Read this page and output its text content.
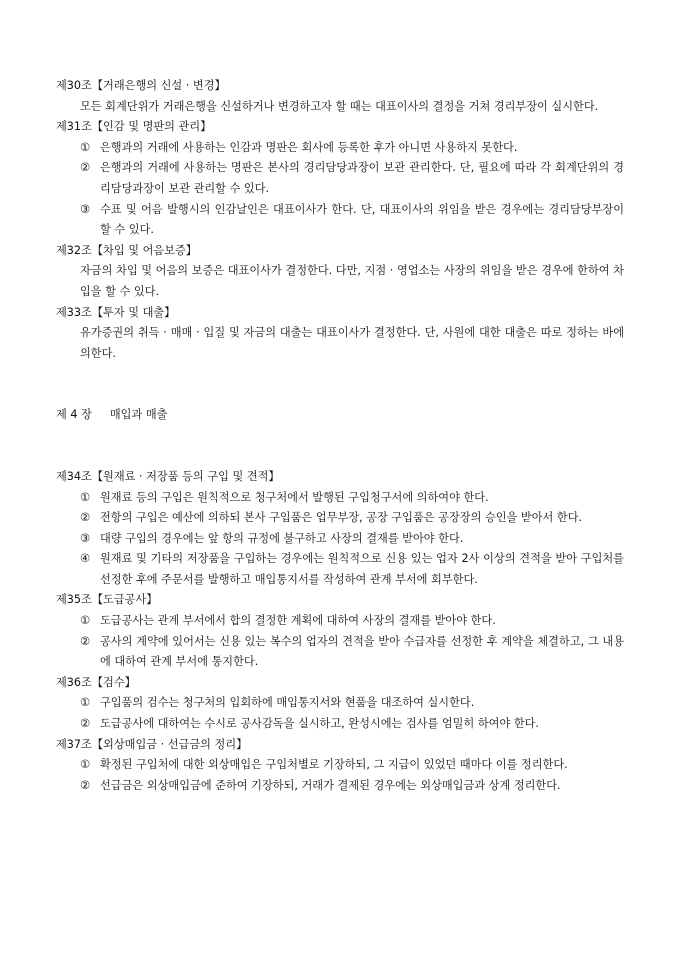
제30조【거래은행의 신설 · 변경】
모든 회계단위가 거래은행을 신설하거나 변경하고자 할 때는 대표이사의 결정을 거쳐 경리부장이 실시한다.
제31조【인감 및 명판의 관리】
① 은행과의 거래에 사용하는 인감과 명판은 회사에 등록한 후가 아니면 사용하지 못한다.
② 은행과의 거래에 사용하는 명판은 본사의 경리담당과장이 보관 관리한다. 단, 필요에 따라 각 회계단위의 경리담당과장이 보관 관리할 수 있다.
③ 수표 및 어음 발행시의 인감날인은 대표이사가 한다. 단, 대표이사의 위임을 받은 경우에는 경리담당부장이 할 수 있다.
제32조【차입 및 어음보증】
자금의 차입 및 어음의 보증은 대표이사가 결정한다. 다만, 지점 · 영업소는 사장의 위임을 받은 경우에 한하여 차입을 할 수 있다.
제33조【투자 및 대출】
유가증권의 취득 · 매매 · 입질 및 자금의 대출는 대표이사가 결정한다. 단, 사원에 대한 대출은 따로 정하는 바에 의한다.
제 4 장 매입과 매출
제34조【원재료 · 저장품 등의 구입 및 견적】
① 원재료 등의 구입은 원칙적으로 청구처에서 발행된 구입청구서에 의하여야 한다.
② 전항의 구입은 예산에 의하되 본사 구입품은 업무부장, 공장 구입품은 공장장의 승인을 받아서 한다.
③ 대량 구입의 경우에는 앞 항의 규정에 불구하고 사장의 결재를 받아야 한다.
④ 원재료 및 기타의 저장품을 구입하는 경우에는 원칙적으로 신용 있는 업자 2사 이상의 견적을 받아 구입처를 선정한 후에 주문서를 발행하고 매입통지서를 작성하여 관계 부서에 회부한다.
제35조【도급공사】
① 도급공사는 관계 부서에서 합의 결정한 계획에 대하여 사장의 결재를 받아야 한다.
② 공사의 계약에 있어서는 신용 있는 복수의 업자의 견적을 받아 수급자를 선정한 후 계약을 체결하고, 그 내용에 대하여 관계 부서에 통지한다.
제36조【검수】
① 구입품의 검수는 청구처의 입회하에 매입통지서와 현품을 대조하여 실시한다.
② 도급공사에 대하여는 수시로 공사감독을 실시하고, 완성시에는 검사를 엄밀히 하여야 한다.
제37조【외상매입금 · 선급금의 정리】
① 확정된 구입처에 대한 외상매입은 구입처별로 기장하되, 그 지급이 있었던 때마다 이를 정리한다.
② 선급금은 외상매입금에 준하여 기장하되, 거래가 결제된 경우에는 외상매입금과 상계 정리한다.
